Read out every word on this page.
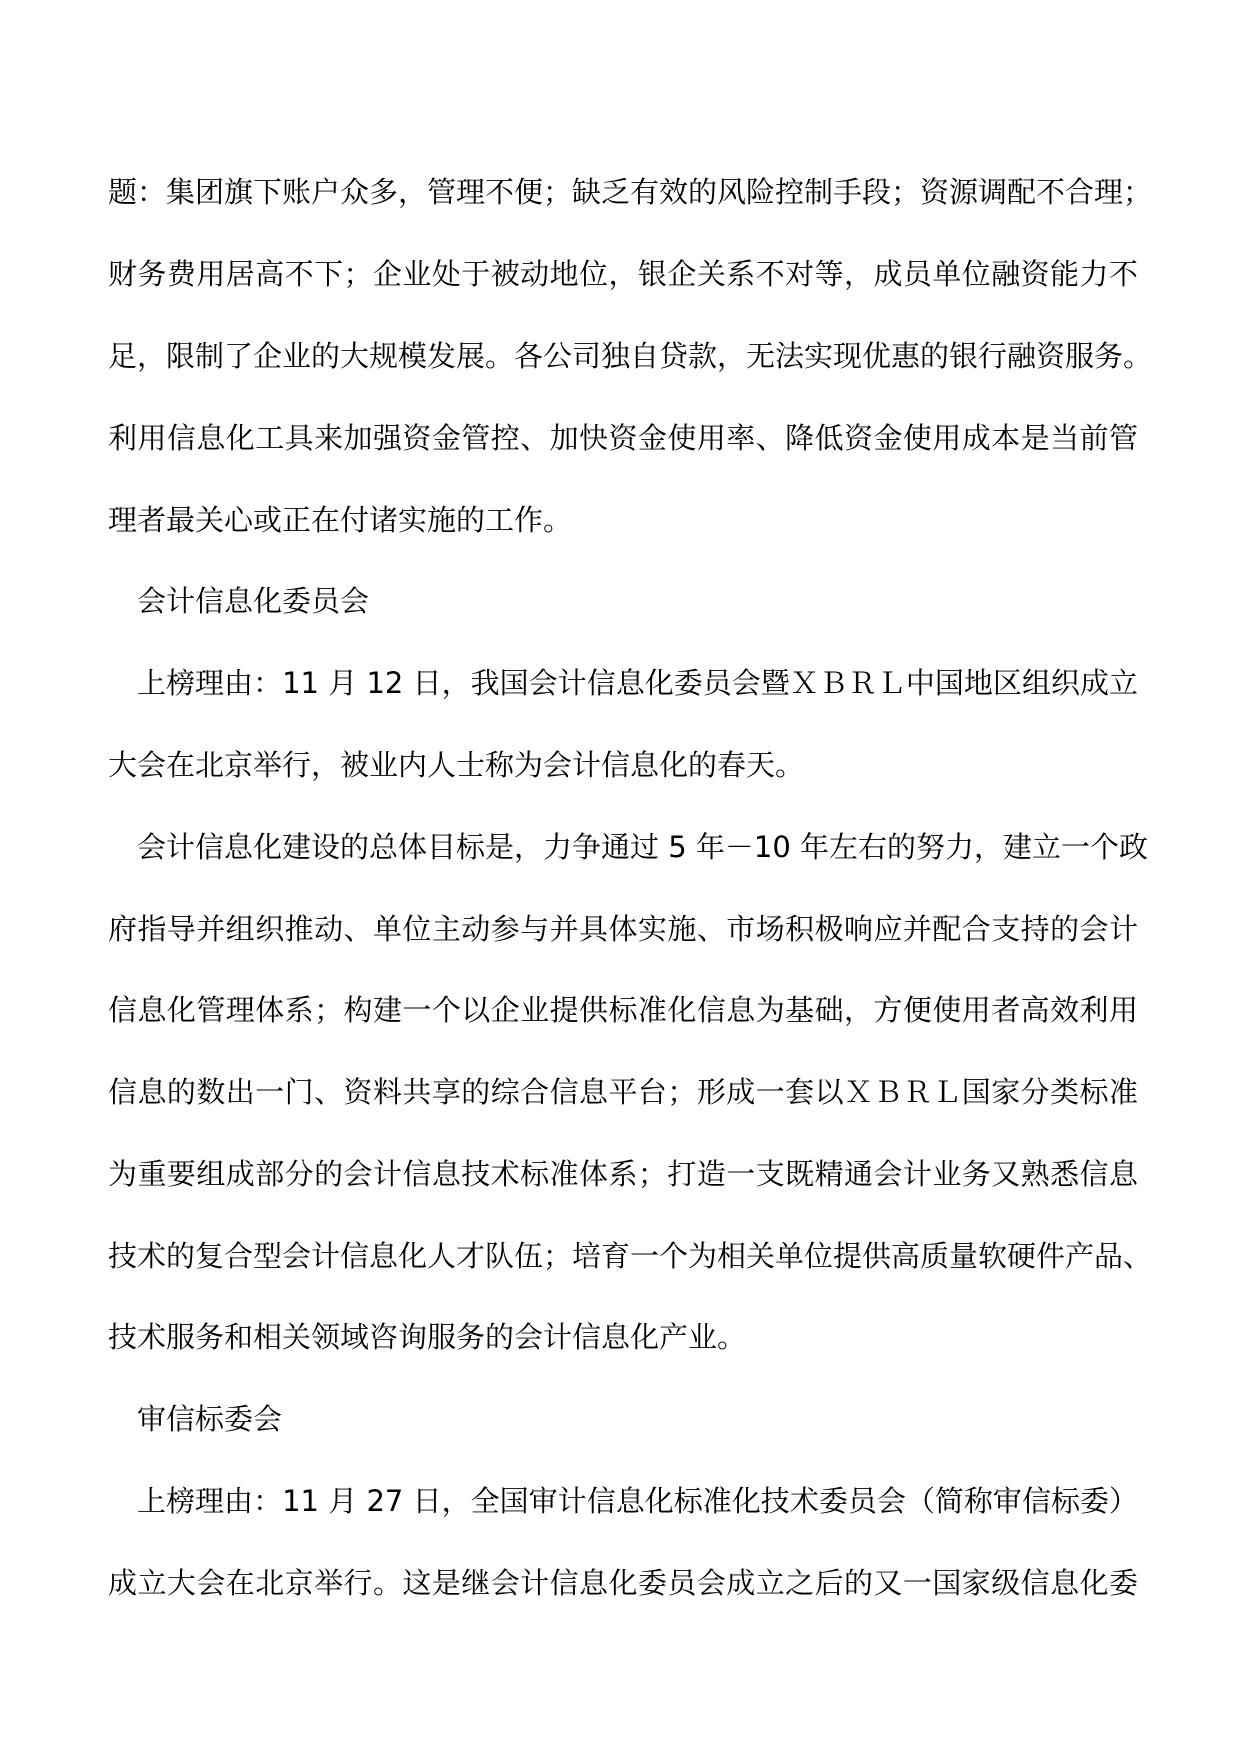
题：集团旗下账户众多，管理不便；缺乏有效的风险控制手段；资源调配不合理；
财务费用居高不下；企业处于被动地位，银企关系不对等，成员单位融资能力不
足，限制了企业的大规模发展。各公司独自贷款，无法实现优惠的银行融资服务。
利用信息化工具来加强资金管控、加快资金使用率、降低资金使用成本是当前管
理者最关心或正在付诸实施的工作。
会计信息化委员会
上榜理由：11 月 12 日，我国会计信息化委员会暨ＸＢＲＬ中国地区组织成立
大会在北京举行，被业内人士称为会计信息化的春天。
会计信息化建设的总体目标是，力争通过 5 年－10 年左右的努力，建立一个政
府指导并组织推动、单位主动参与并具体实施、市场积极响应并配合支持的会计
信息化管理体系；构建一个以企业提供标准化信息为基础，方便使用者高效利用
信息的数出一门、资料共享的综合信息平台；形成一套以ＸＢＲＬ国家分类标准
为重要组成部分的会计信息技术标准体系；打造一支既精通会计业务又熟悉信息
技术的复合型会计信息化人才队伍；培育一个为相关单位提供高质量软硬件产品、
技术服务和相关领域咨询服务的会计信息化产业。
审信标委会
上榜理由：11 月 27 日，全国审计信息化标准化技术委员会（简称审信标委）
成立大会在北京举行。这是继会计信息化委员会成立之后的又一国家级信息化委
